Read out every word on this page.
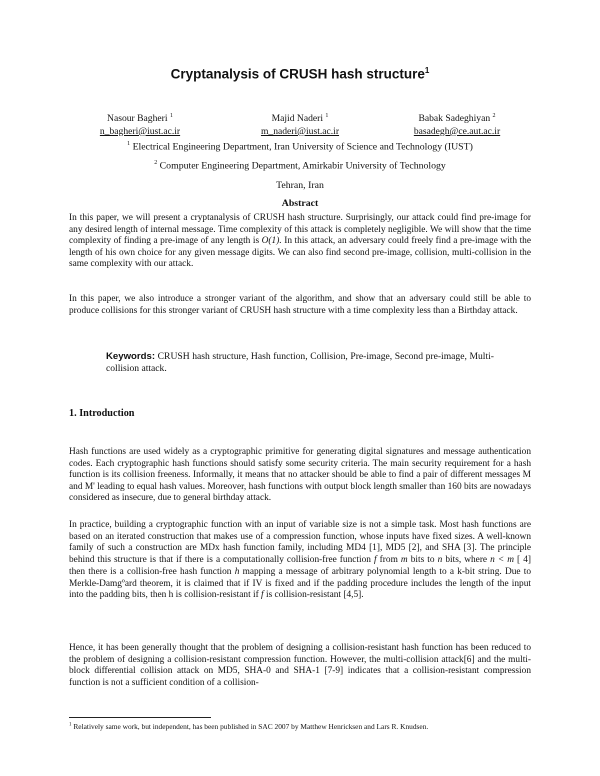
Cryptanalysis of CRUSH hash structure$^1$
Nasour Bagheri $^1$
n_bagheri@iust.ac.ir
Majid Naderi $^1$
m_naderi@iust.ac.ir
Babak Sadeghiyan $^2$
basadegh@ce.aut.ac.ir
$^1$ Electrical Engineering Department, Iran University of Science and Technology (IUST)
$^2$ Computer Engineering Department, Amirkabir University of Technology
Tehran, Iran
Abstract
In this paper, we will present a cryptanalysis of CRUSH hash structure. Surprisingly, our attack could find pre-image for any desired length of internal message. Time complexity of this attack is completely negligible. We will show that the time complexity of finding a pre-image of any length is O(1). In this attack, an adversary could freely find a pre-image with the length of his own choice for any given message digits. We can also find second pre-image, collision, multi-collision in the same complexity with our attack.
In this paper, we also introduce a stronger variant of the algorithm, and show that an adversary could still be able to produce collisions for this stronger variant of CRUSH hash structure with a time complexity less than a Birthday attack.
Keywords: CRUSH hash structure, Hash function, Collision, Pre-image, Second pre-image, Multi-collision attack.
1. Introduction
Hash functions are used widely as a cryptographic primitive for generating digital signatures and message authentication codes. Each cryptographic hash functions should satisfy some security criteria. The main security requirement for a hash function is its collision freeness. Informally, it means that no attacker should be able to find a pair of different messages M and M' leading to equal hash values. Moreover, hash functions with output block length smaller than 160 bits are nowadays considered as insecure, due to general birthday attack.
In practice, building a cryptographic function with an input of variable size is not a simple task. Most hash functions are based on an iterated construction that makes use of a compression function, whose inputs have fixed sizes. A well-known family of such a construction are MDx hash function family, including MD4 [1], MD5 [2], and SHA [3]. The principle behind this structure is that if there is a computationally collision-free function f from m bits to n bits, where n < m [ 4] then there is a collision-free hash function h mapping a message of arbitrary polynomial length to a k-bit string. Due to Merkle-Damgºard theorem, it is claimed that if IV is fixed and if the padding procedure includes the length of the input into the padding bits, then h is collision-resistant if f is collision-resistant [4,5].
Hence, it has been generally thought that the problem of designing a collision-resistant hash function has been reduced to the problem of designing a collision-resistant compression function. However, the multi-collision attack[6] and the multi-block differential collision attack on MD5, SHA-0 and SHA-1 [7-9] indicates that a collision-resistant compression function is not a sufficient condition of a collision-
$^1$ Relatively same work, but independent, has been published in SAC 2007 by Matthew Henricksen and Lars R. Knudsen.
